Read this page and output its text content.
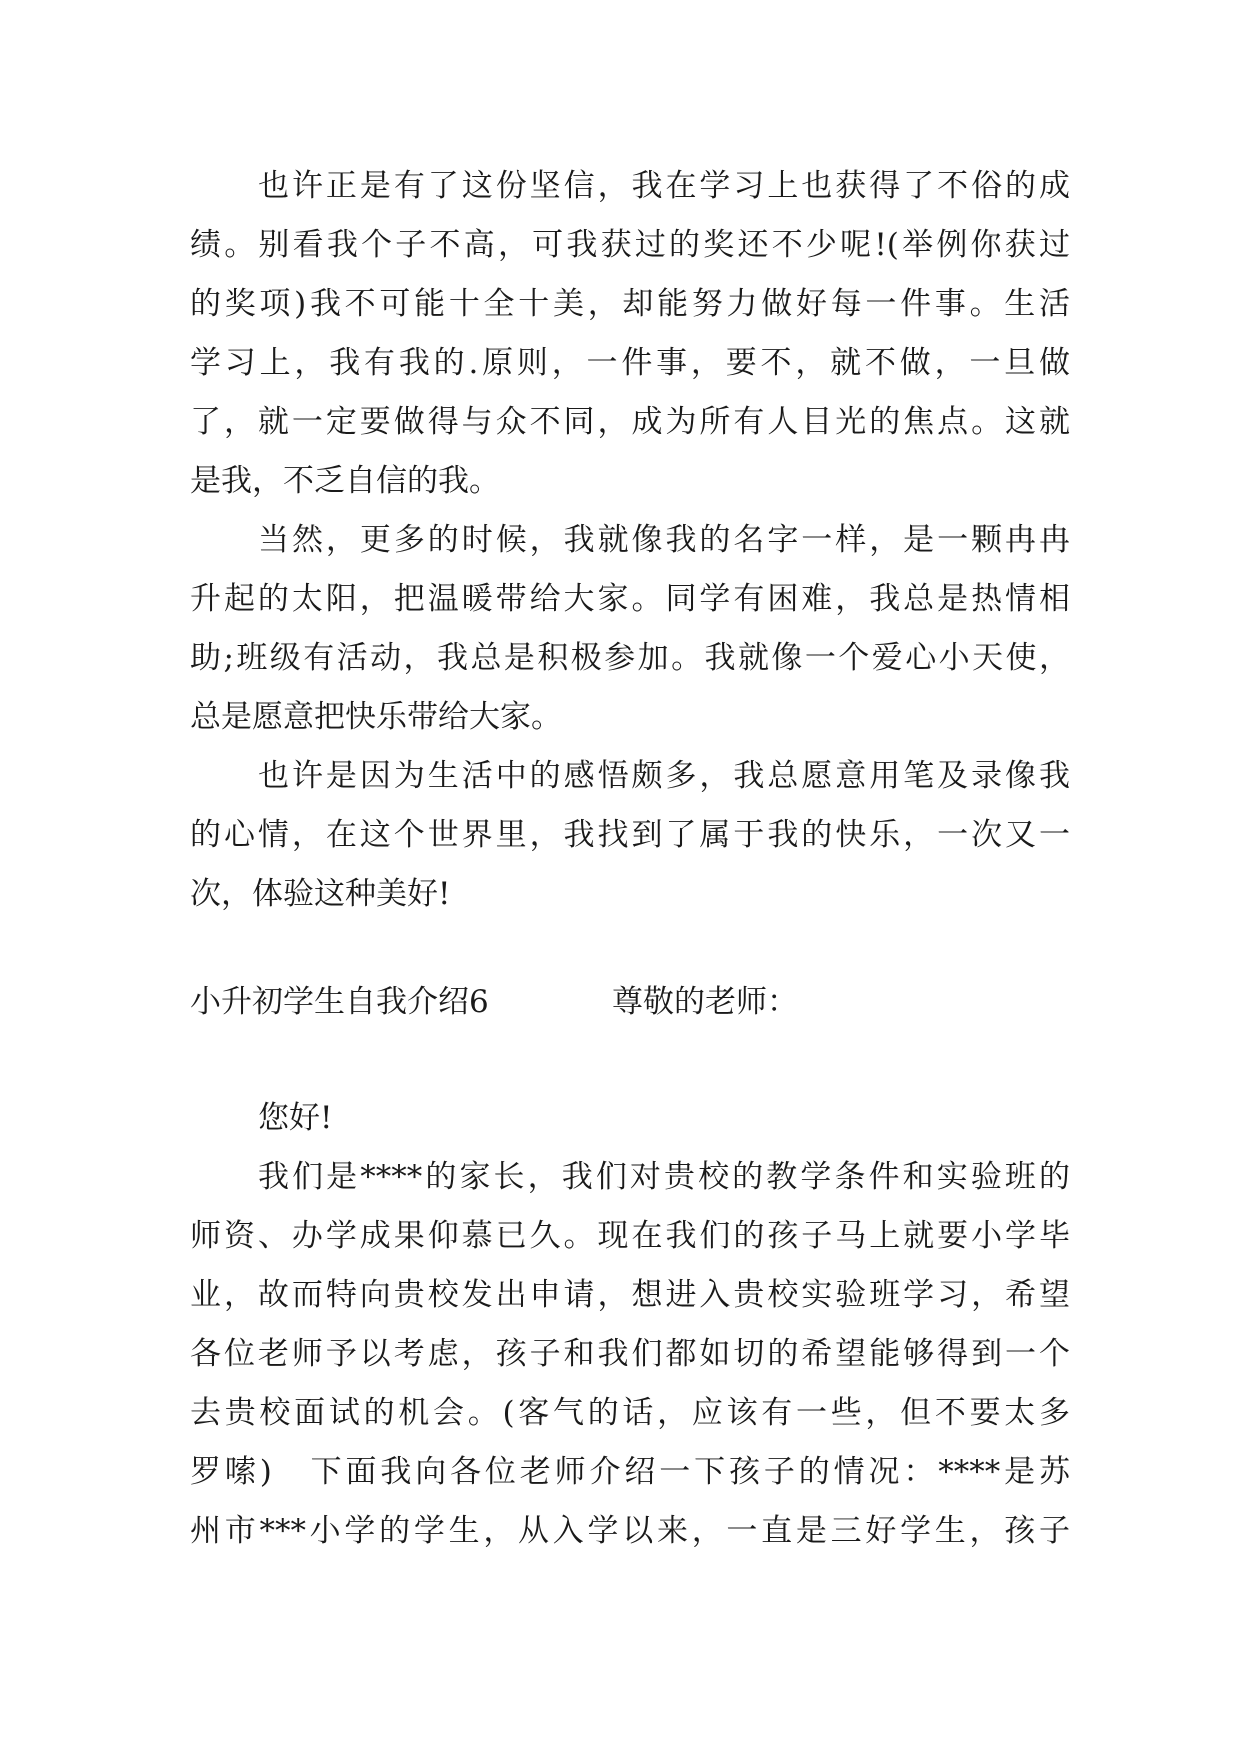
也许正是有了这份坚信，我在学习上也获得了不俗的成
绩。别看我个子不高，可我获过的奖还不少呢!(举例你获过
的奖项)我不可能十全十美，却能努力做好每一件事。生活
学习上，我有我的.原则，一件事，要不，就不做，一旦做
了，就一定要做得与众不同，成为所有人目光的焦点。这就
是我，不乏自信的我。
当然，更多的时候，我就像我的名字一样，是一颗冉冉
升起的太阳，把温暖带给大家。同学有困难，我总是热情相
助;班级有活动，我总是积极参加。我就像一个爱心小天使，
总是愿意把快乐带给大家。
也许是因为生活中的感悟颇多，我总愿意用笔及录像我
的心情，在这个世界里，我找到了属于我的快乐，一次又一
次，体验这种美好!
小升初学生自我介绍6	尊敬的老师：
您好!
我们是****的家长，我们对贵校的教学条件和实验班的
师资、办学成果仰慕已久。现在我们的孩子马上就要小学毕
业，故而特向贵校发出申请，想进入贵校实验班学习，希望
各位老师予以考虑，孩子和我们都如切的希望能够得到一个
去贵校面试的机会。(客气的话，应该有一些，但不要太多
罗嗦)　下面我向各位老师介绍一下孩子的情况：****是苏
州市***小学的学生，从入学以来，一直是三好学生，孩子
